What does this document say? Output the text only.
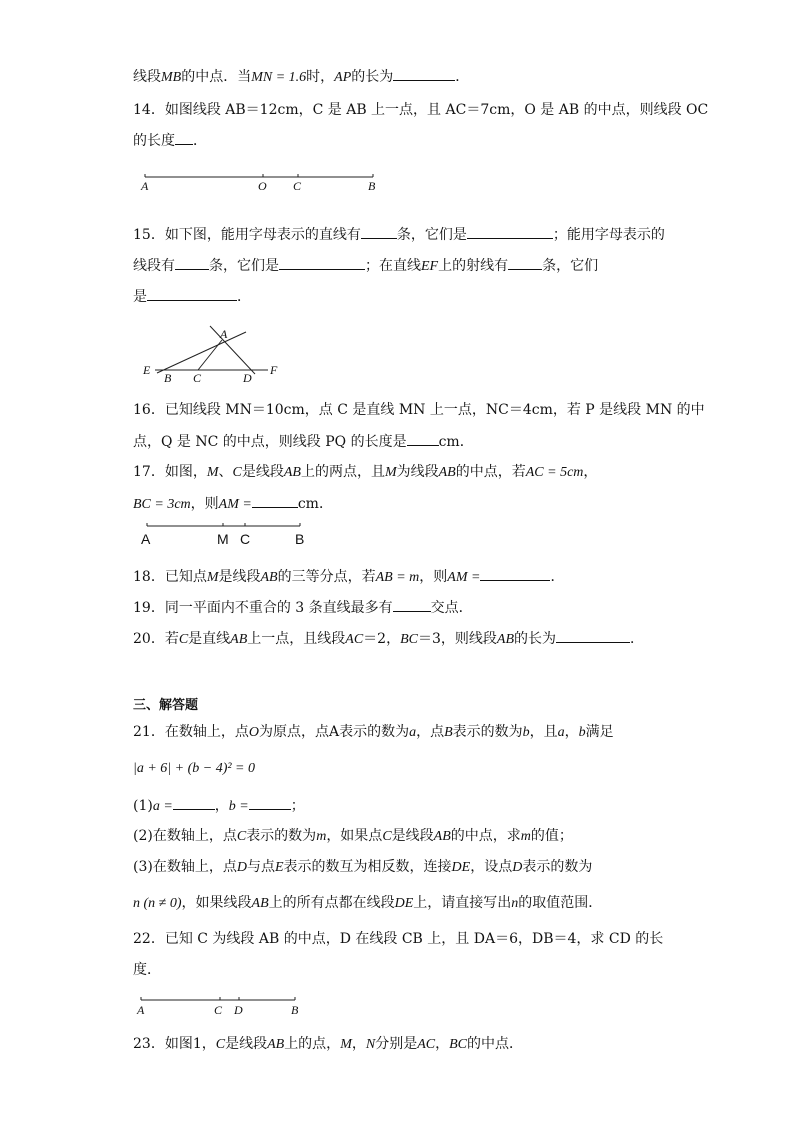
线段MB的中点．当MN = 1.6时，AP的长为	．
14．如图线段 AB＝12cm，C 是 AB 上一点，且 AC＝7cm，O 是 AB 的中点，则线段 OC
的长度 ．
A	O C	B
15．如下图，能用字母表示的直线有	条，它们是	；能用字母表示的
线段有 条，它们是	；在直线EF上的射线有 条，它们
是	．
A
E
B C	D
F
16．已知线段 MN＝10cm，点 C 是直线 MN 上一点，NC＝4cm，若 P 是线段 MN 的中
点，Q 是 NC 的中点，则线段 PQ 的长度是 cm．
17．如图，M、C是线段AB上的两点，且M为线段AB的中点，若AC = 5cm，
BC = 3cm，则AM =	cm．
A	M C	B
18．已知点M是线段AB的三等分点，若AB = m，则AM =	．
19．同一平面内不重合的 3 条直线最多有	交点．
20．若C是直线AB上一点，且线段AC＝2，BC＝3，则线段AB的长为	．
三、解答题
21．在数轴上，点O为原点，点A表示的数为a，点B表示的数为b，且a，b满足
|a + 6| + (b − 4)² = 0
(1)a =	，b =	；
(2)在数轴上，点C表示的数为m，如果点C是线段AB的中点，求m的值；
(3)在数轴上，点D与点E表示的数互为相反数，连接DE，设点D表示的数为
n (n ≠ 0)，如果线段AB上的所有点都在线段DE上，请直接写出n的取值范围．
22．已知 C 为线段 AB 的中点，D 在线段 CB 上，且 DA＝6，DB＝4，求 CD 的长
度．
A	C D	B
23．如图1，C是线段AB上的点，M，N分别是AC，BC的中点．
